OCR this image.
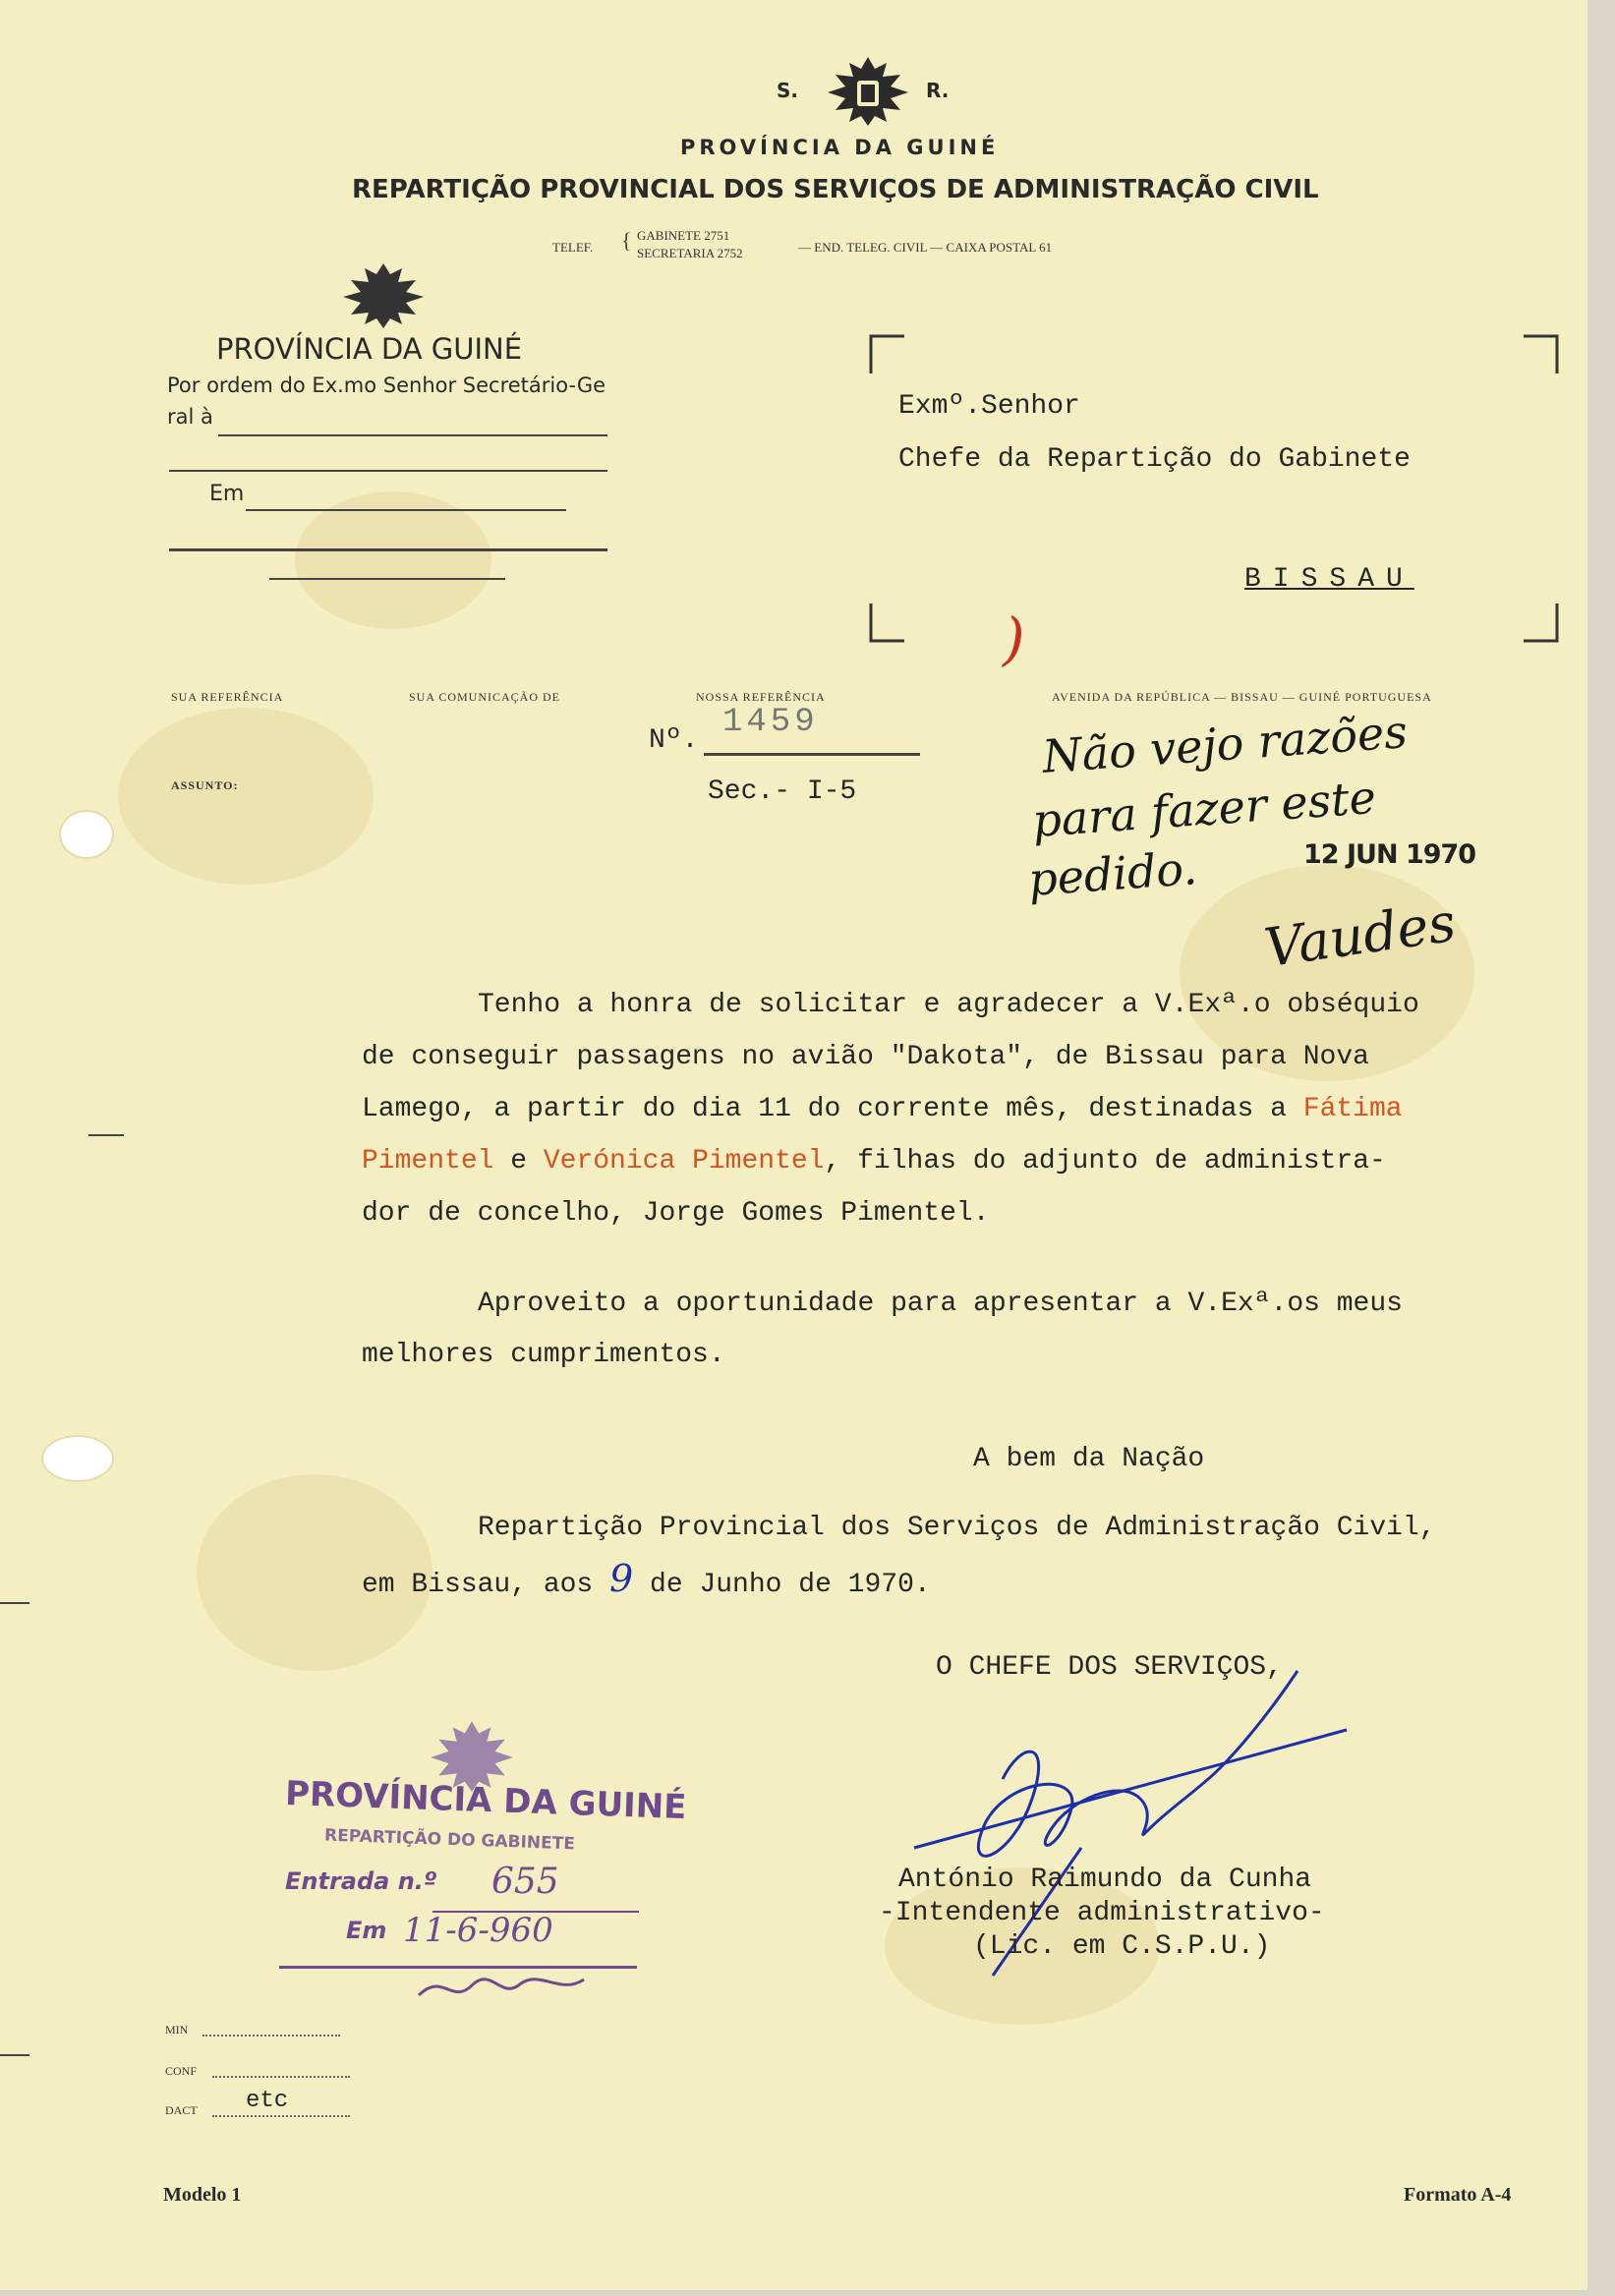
S.	R.
PROVÍNCIA DA GUINÉ
REPARTIÇÃO PROVINCIAL DOS SERVIÇOS DE ADMINISTRAÇÃO CIVIL
TELEF. { GABINETE 2751
SECRETARIA 2752	— END. TELEG. CIVIL — CAIXA POSTAL 61
PROVÍNCIA DA GUINÉ
Por ordem do Ex.mo Senhor Secretário-Ge
ral à
Em
Exmº.Senhor
Chefe da Repartição do Gabinete
BISSAU
SUA REFERÊNCIA	SUA COMUNICAÇÃO DE	NOSSA REFERÊNCIA	AVENIDA DA REPÚBLICA — BISSAU — GUINÉ PORTUGUESA
ASSUNTO:
Nº. 1459
Sec.- I-5
)
Não vejo razões
para fazer este
pedido.	12 JUN 1970
Vaudes
Tenho a honra de solicitar e agradecer a V.Exª.o obséquio
de conseguir passagens no avião "Dakota", de Bissau para Nova
Lamego, a partir do dia 11 do corrente mês, destinadas a Fátima
Pimentel e Verónica Pimentel, filhas do adjunto de administra-
dor de concelho, Jorge Gomes Pimentel.
Aproveito a oportunidade para apresentar a V.Exª.os meus
melhores cumprimentos.
A bem da Nação
Repartição Provincial dos Serviços de Administração Civil,
em Bissau, aos 9 de Junho de 1970.
O CHEFE DOS SERVIÇOS,
António Raimundo da Cunha
-Intendente administrativo-
(Lic. em C.S.P.U.)
PROVÍNCIA DA GUINÉ
REPARTIÇÃO DO GABINETE
Entrada n.º 655
Em 11-6-960
MIN
CONF
DACT etc
Modelo 1	Formato A-4
